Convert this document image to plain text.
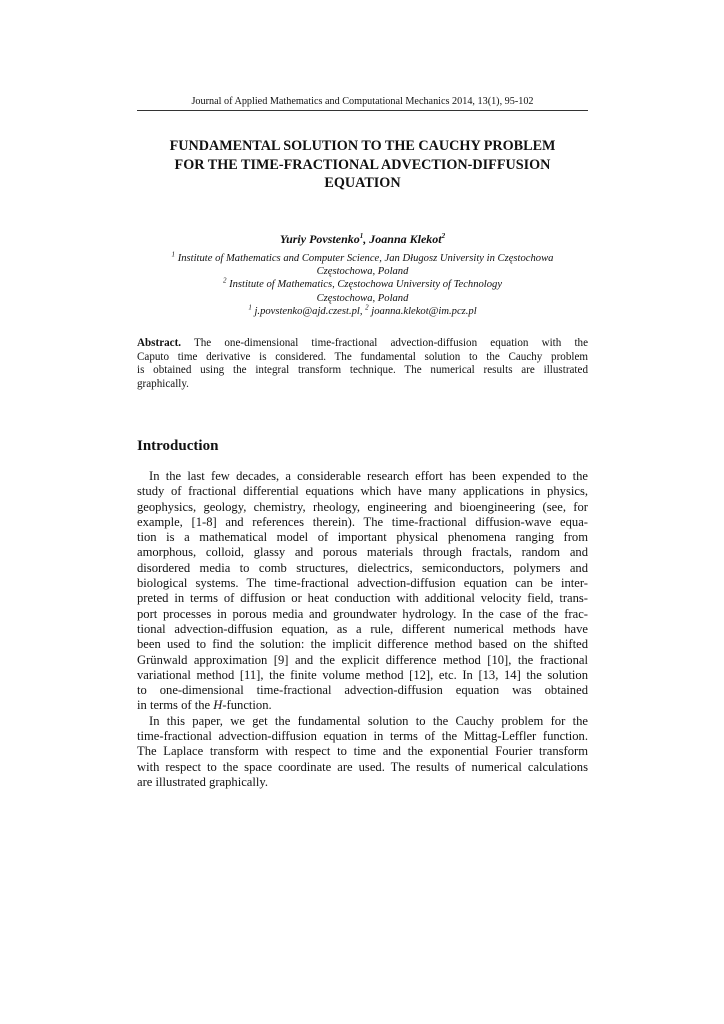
Journal of Applied Mathematics and Computational Mechanics 2014, 13(1), 95-102
FUNDAMENTAL SOLUTION TO THE CAUCHY PROBLEM
FOR THE TIME-FRACTIONAL ADVECTION-DIFFUSION
EQUATION
Yuriy Povstenko$^1$, Joanna Klekot$^2$
$^1$ Institute of Mathematics and Computer Science, Jan Długosz University in Częstochowa
Częstochowa, Poland
$^2$ Institute of Mathematics, Częstochowa University of Technology
Częstochowa, Poland
$^1$ j.povstenko@ajd.czest.pl, $^2$ joanna.klekot@im.pcz.pl
Abstract. The one-dimensional time-fractional advection-diffusion equation with the
Caputo time derivative is considered. The fundamental solution to the Cauchy problem
is obtained using the integral transform technique. The numerical results are illustrated
graphically.
Introduction
In the last few decades, a considerable research effort has been expended to the
study of fractional differential equations which have many applications in physics,
geophysics, geology, chemistry, rheology, engineering and bioengineering (see, for
example, [1-8] and references therein). The time-fractional diffusion-wave equa-
tion is a mathematical model of important physical phenomena ranging from
amorphous, colloid, glassy and porous materials through fractals, random and
disordered media to comb structures, dielectrics, semiconductors, polymers and
biological systems. The time-fractional advection-diffusion equation can be inter-
preted in terms of diffusion or heat conduction with additional velocity field, trans-
port processes in porous media and groundwater hydrology. In the case of the frac-
tional advection-diffusion equation, as a rule, different numerical methods have
been used to find the solution: the implicit difference method based on the shifted
Grünwald approximation [9] and the explicit difference method [10], the fractional
variational method [11], the finite volume method [12], etc. In [13, 14] the solution
to one-dimensional time-fractional advection-diffusion equation was obtained
in terms of the H-function.
In this paper, we get the fundamental solution to the Cauchy problem for the
time-fractional advection-diffusion equation in terms of the Mittag-Leffler function.
The Laplace transform with respect to time and the exponential Fourier transform
with respect to the space coordinate are used. The results of numerical calculations
are illustrated graphically.
